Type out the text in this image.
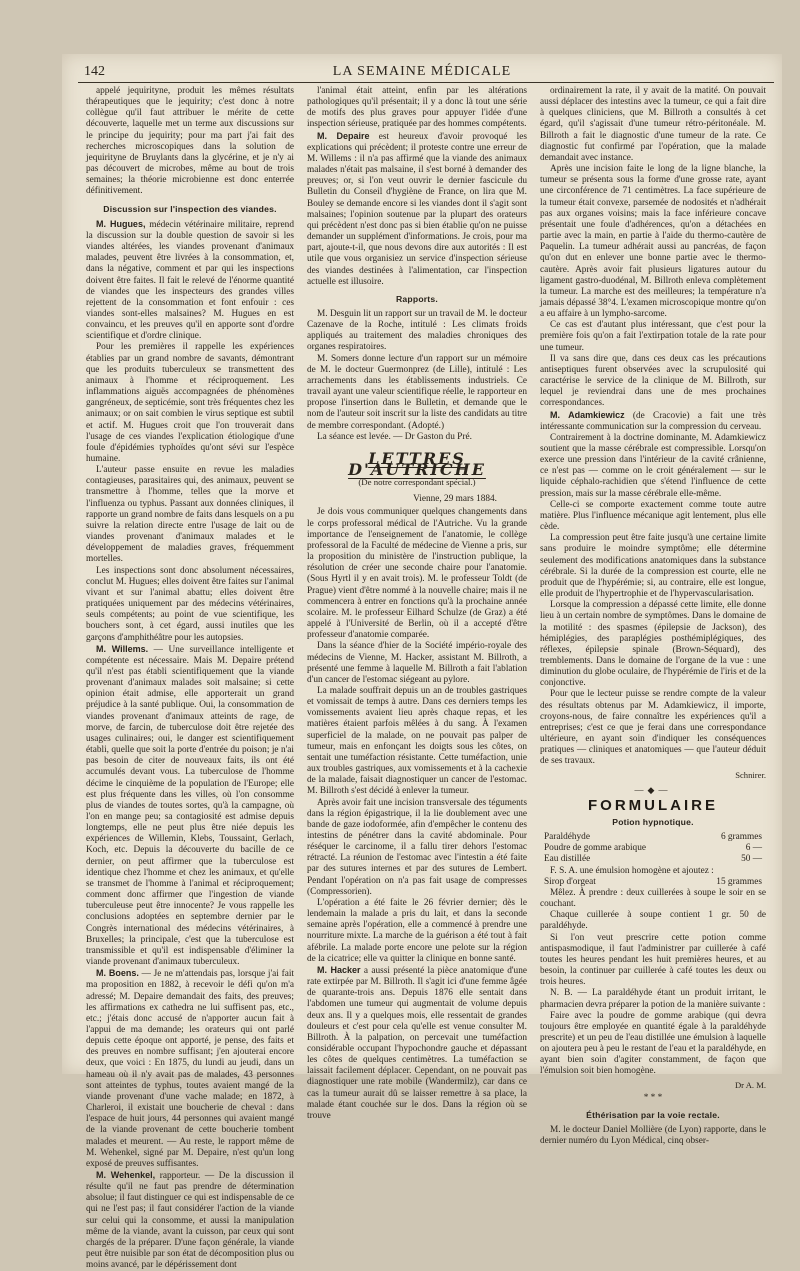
142	LA SEMAINE MÉDICALE

appelé jequirityne, produit les mêmes résultats thérapeutiques que le jequirity; c'est donc à notre collègue qu'il faut attribuer le mérite de cette découverte, laquelle met un terme aux discussions sur le principe du jequirity; pour ma part j'ai fait des recherches microscopiques dans la solution de jequirityne de Bruylants dans la glycérine, et je n'y ai pas découvert de microbes, même au bout de trois semaines; la théorie microbienne est donc enterrée définitivement.

Discussion sur l'inspection des viandes.

M. Hugues, médecin vétérinaire militaire, reprend la discussion sur la double question de savoir si les viandes altérées, les viandes provenant d'animaux malades, peuvent être livrées à la consommation, et, dans la négative, comment et par qui les inspections doivent être faites. Il fait le relevé de l'énorme quantité de viandes que les inspecteurs des grandes villes rejettent de la consommation et font enfouir : ces viandes sont-elles malsaines? M. Hugues en est convaincu, et les preuves qu'il en apporte sont d'ordre scientifique et d'ordre clinique.

Pour les premières il rappelle les expériences établies par un grand nombre de savants, démontrant que les produits tuberculeux se transmettent des animaux à l'homme et réciproquement. Les inflammations aiguës accompagnées de phénomènes gangréneux, de septicémie, sont très fréquentes chez les animaux; or on sait combien le virus septique est subtil et actif. M. Hugues croit que l'on trouverait dans l'usage de ces viandes l'explication étiologique d'une foule d'épidémies typhoïdes qu'ont sévi sur l'espèce humaine.

L'auteur passe ensuite en revue les maladies contagieuses, parasitaires qui, des animaux, peuvent se transmettre à l'homme, telles que la morve et l'influenza ou typhus. Passant aux données cliniques, il rapporte un grand nombre de faits dans lesquels on a pu suivre la relation directe entre l'usage de lait ou de viandes provenant d'animaux malades et le développement de maladies graves, fréquemment mortelles.

Les inspections sont donc absolument nécessaires, conclut M. Hugues; elles doivent être faites sur l'animal vivant et sur l'animal abattu; elles doivent être pratiquées uniquement par des médecins vétérinaires, seuls compétents; au point de vue scientifique, les bouchers sont, à cet égard, aussi inutiles que les garçons d'amphithéâtre pour les autopsies.

M. Willems. — Une surveillance intelligente et compétente est nécessaire. Mais M. Depaire prétend qu'il n'est pas établi scientifiquement que la viande provenant d'animaux malades soit malsaine; si cette opinion était admise, elle apporterait un grand préjudice à la santé publique. Oui, la consommation de viandes provenant d'animaux atteints de rage, de morve, de farcin, de tuberculose doit être rejetée des usages culinaires; oui, le danger est scientifiquement établi, quelle que soit la porte d'entrée du poison; je n'ai pas besoin de citer de nouveaux faits, ils ont été accumulés devant vous. La tuberculose de l'homme décime le cinquième de la population de l'Europe; elle est plus fréquente dans les villes, où l'on consomme plus de viandes de toutes sortes, qu'à la campagne, où l'on en mange peu; sa contagiosité est admise depuis longtemps, elle ne peut plus être niée depuis les expériences de Willemin, Klebs, Toussaint, Gerlach, Koch, etc. Depuis la découverte du bacille de ce dernier, on peut affirmer que la tuberculose est identique chez l'homme et chez les animaux, et qu'elle se transmet de l'homme à l'animal et réciproquement; comment donc affirmer que l'ingestion de viande tuberculeuse peut être innocente? Je vous rappelle les conclusions adoptées en septembre dernier par le Congrès international des médecins vétérinaires, à Bruxelles; la principale, c'est que la tuberculose est transmissible et qu'il est indispensable d'éliminer la viande provenant d'animaux tuberculeux.

M. Boens. — Je ne m'attendais pas, lorsque j'ai fait ma proposition en 1882, à recevoir le défi qu'on m'a adressé; M. Depaire demandait des faits, des preuves; les affirmations ex cathedra ne lui suffisent pas, etc., etc.; j'étais donc accusé de n'apporter aucun fait à l'appui de ma demande; les orateurs qui ont parlé depuis cette époque ont apporté, je pense, des faits et des preuves en nombre suffisant; j'en ajouterai encore deux, que voici : En 1875, du lundi au jeudi, dans un hameau où il n'y avait pas de malades, 43 personnes sont atteintes de typhus, toutes avaient mangé de la viande provenant d'une vache malade; en 1872, à Charleroi, il existait une boucherie de cheval : dans l'espace de huit jours, 44 personnes qui avaient mangé de la viande provenant de cette boucherie tombent malades et meurent. — Au reste, le rapport même de M. Wehenkel, signé par M. Depaire, n'est qu'un long exposé de preuves suffisantes.

M. Wehenkel, rapporteur. — De la discussion il résulte qu'il ne faut pas prendre de détermination absolue; il faut distinguer ce qui est indispensable de ce qui ne l'est pas; il faut considérer l'action de la viande sur celui qui la consomme, et aussi la manipulation même de la viande, avant la cuisson, par ceux qui sont chargés de la préparer. D'une façon générale, la viande peut être nuisible par son état de décomposition plus ou moins avancé, par le dépérissement dont

l'animal était atteint, enfin par les altérations pathologiques qu'il présentait; il y a donc là tout une série de motifs des plus graves pour appuyer l'idée d'une inspection sérieuse, pratiquée par des hommes compétents.

M. Depaire est heureux d'avoir provoqué les explications qui précèdent; il proteste contre une erreur de M. Willems : il n'a pas affirmé que la viande des animaux malades n'était pas malsaine, il s'est borné à demander des preuves; or, si l'on veut ouvrir le dernier fascicule du Bulletin du Conseil d'hygiène de France, on lira que M. Bouley se demande encore si les viandes dont il s'agit sont malsaines; l'opinion soutenue par la plupart des orateurs qui précèdent n'est donc pas si bien établie qu'on ne puisse demander un supplément d'informations. Je crois, pour ma part, ajoute-t-il, que nous devons dire aux autorités : Il est utile que vous organisiez un service d'inspection sérieuse des viandes destinées à l'alimentation, car l'inspection actuelle est illusoire.

Rapports.

M. Desguin lit un rapport sur un travail de M. le docteur Cazenave de la Roche, intitulé : Les climats froids appliqués au traitement des maladies chroniques des organes respiratoires.

M. Somers donne lecture d'un rapport sur un mémoire de M. le docteur Guermonprez (de Lille), intitulé : Les arrachements dans les établissements industriels. Ce travail ayant une valeur scientifique réelle, le rapporteur en propose l'insertion dans le Bulletin, et demande que le nom de l'auteur soit inscrit sur la liste des candidats au titre de membre correspondant. (Adopté.)

La séance est levée. — Dr Gaston du Pré.

LETTRES D'AUTRICHE
(De notre correspondant spécial.)
Vienne, 29 mars 1884.

Je dois vous communiquer quelques changements dans le corps professoral médical de l'Autriche. Vu la grande importance de l'enseignement de l'anatomie, le collège professoral de la Faculté de médecine de Vienne a pris, sur la proposition du ministère de l'instruction publique, la résolution de créer une seconde chaire pour l'anatomie. (Sous Hyrtl il y en avait trois). M. le professeur Toldt (de Prague) vient d'être nommé à la nouvelle chaire; mais il ne commencera à entrer en fonctions qu'à la prochaine année scolaire. M. le professeur Eilhard Schulze (de Graz) a été appelé à l'Université de Berlin, où il a accepté d'être professeur d'anatomie comparée.

Dans la séance d'hier de la Société império-royale des médecins de Vienne, M. Hacker, assistant M. Billroth, a présenté une femme à laquelle M. Billroth a fait l'ablation d'un cancer de l'estomac siégeant au pylore.

La malade souffrait depuis un an de troubles gastriques et vomissait de temps à autre. Dans ces derniers temps les vomissements avaient lieu après chaque repas, et les matières étaient parfois mêlées à du sang. À l'examen superficiel de la malade, on ne pouvait pas palper de tumeur, mais en enfonçant les doigts sous les côtes, on sentait une tuméfaction résistante. Cette tuméfaction, unie aux troubles gastriques, aux vomissements et à la cachexie de la malade, faisait diagnostiquer un cancer de l'estomac. M. Billroth s'est décidé à enlever la tumeur.

Après avoir fait une incision transversale des téguments dans la région épigastrique, il la lie doublement avec une bande de gaze iodoformée, afin d'empêcher le contenu des intestins de pénétrer dans la cavité abdominale. Pour réséquer le carcinome, il a fallu tirer dehors l'estomac rétracté. La réunion de l'estomac avec l'intestin a été faite par des sutures internes et par des sutures de Lembert. Pendant l'opération on n'a pas fait usage de compresses (Compressorien).

L'opération a été faite le 26 février dernier; dès le lendemain la malade a pris du lait, et dans la seconde semaine après l'opération, elle a commencé à prendre une nourriture mixte. La marche de la guérison a été tout à fait afébrile. La malade porte encore une pelote sur la région de la cicatrice; elle va quitter la clinique en bonne santé.

M. Hacker a aussi présenté la pièce anatomique d'une rate extirpée par M. Billroth. Il s'agit ici d'une femme âgée de quarante-trois ans. Depuis 1876 elle sentait dans l'abdomen une tumeur qui augmentait de volume depuis deux ans. Il y a quelques mois, elle ressentait de grandes douleurs et c'est pour cela qu'elle est venue consulter M. Billroth. À la palpation, on percevait une tuméfaction considérable occupant l'hypochondre gauche et dépassant les côtes de quelques centimètres. La tuméfaction se laissait facilement déplacer. Cependant, on ne pouvait pas diagnostiquer une rate mobile (Wandermilz), car dans ce cas la tumeur aurait dû se laisser remettre à sa place, la malade étant couchée sur le dos. Dans la région où se trouve

ordinairement la rate, il y avait de la matité. On pouvait aussi déplacer des intestins avec la tumeur, ce qui a fait dire à quelques cliniciens, que M. Billroth a consultés à cet égard, qu'il s'agissait d'une tumeur rétro-péritonéale. M. Billroth a fait le diagnostic d'une tumeur de la rate. Ce diagnostic fut confirmé par l'opération, que la malade demandait avec instance.

Après une incision faite le long de la ligne blanche, la tumeur se présenta sous la forme d'une grosse rate, ayant une circonférence de 71 centimètres. La face supérieure de la tumeur était convexe, parsemée de nodosités et n'adhérait pas aux organes voisins; mais la face inférieure concave présentait une foule d'adhérences, qu'on a détachées en partie avec la main, en partie à l'aide du thermo-cautère de Paquelin. La tumeur adhérait aussi au pancréas, de façon qu'on dut en enlever une bonne partie avec le thermo-cautère. Après avoir fait plusieurs ligatures autour du ligament gastro-duodénal, M. Billroth enleva complètement la tumeur. La marche est des meilleures; la température n'a jamais dépassé 38°4. L'examen microscopique montre qu'on a eu affaire à un lympho-sarcome.

Ce cas est d'autant plus intéressant, que c'est pour la première fois qu'on a fait l'extirpation totale de la rate pour une tumeur.

Il va sans dire que, dans ces deux cas les précautions antiseptiques furent observées avec la scrupulosité qui caractérise le service de la clinique de M. Billroth, sur lequel je reviendrai dans une de mes prochaines correspondances.

M. Adamkiewicz (de Cracovie) a fait une très intéressante communication sur la compression du cerveau.

Contrairement à la doctrine dominante, M. Adamkiewicz soutient que la masse cérébrale est compressible. Lorsqu'on exerce une pression dans l'intérieur de la cavité crânienne, ce n'est pas — comme on le croit généralement — sur le liquide céphalo-rachidien que s'étend l'influence de cette pression, mais sur la masse cérébrale elle-même.

Celle-ci se comporte exactement comme toute autre matière. Plus l'influence mécanique agit lentement, plus elle cède.

La compression peut être faite jusqu'à une certaine limite sans produire le moindre symptôme; elle détermine seulement des modifications anatomiques dans la substance cérébrale. Si la durée de la compression est courte, elle ne produit que de l'hypérémie; si, au contraire, elle est longue, elle produit de l'hypertrophie et de l'hypervascularisation.

Lorsque la compression a dépassé cette limite, elle donne lieu à un certain nombre de symptômes. Dans le domaine de la motilité : des spasmes (épilepsie de Jackson), des hémiplégies, des paraplégies posthémiplégiques, des réflexes, épilepsie spinale (Brown-Séquard), des tremblements. Dans le domaine de l'organe de la vue : une diminution du globe oculaire, de l'hypérémie de l'iris et de la conjonctive.

Pour que le lecteur puisse se rendre compte de la valeur des résultats obtenus par M. Adamkiewicz, il importe, croyons-nous, de faire connaître les expériences qu'il a entreprises; c'est ce que je ferai dans une correspondance ultérieure, en ayant soin d'indiquer les conséquences pratiques — cliniques et anatomiques — que l'auteur déduit de ses travaux.

Schnirer.
—◆—
FORMULAIRE
Potion hypnotique.
Paraldéhyde	6 grammes
Poudre de gomme arabique	6 —
Eau distillée	50 —

F. S. A. une émulsion homogène et ajoutez :

Sirop d'orgeat	15 grammes

Mêlez. À prendre : deux cuillerées à soupe le soir en se couchant.

Chaque cuillerée à soupe contient 1 gr. 50 de paraldéhyde.

Si l'on veut prescrire cette potion comme antispasmodique, il faut l'administrer par cuillerée à café toutes les heures pendant les huit premières heures, et au besoin, la continuer par cuillerée à café toutes les deux ou trois heures.

N. B. — La paraldéhyde étant un produit irritant, le pharmacien devra préparer la potion de la manière suivante :

Faire avec la poudre de gomme arabique (qui devra toujours être employée en quantité égale à la paraldéhyde prescrite) et un peu de l'eau distillée une émulsion à laquelle on ajoutera peu à peu le restant de l'eau et la paraldéhyde, en ayant bien soin d'agiter constamment, de façon que l'émulsion soit bien homogène.

Dr A. M.
* * *
Éthérisation par la voie rectale.

M. le docteur Daniel Mollière (de Lyon) rapporte, dans le dernier numéro du Lyon Médical, cinq obser-
